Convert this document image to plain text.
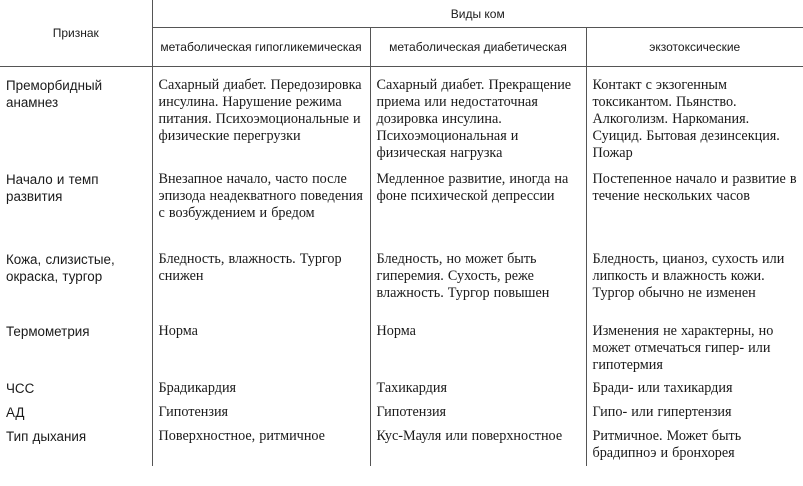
Признак	Виды ком		
	метаболическая гипогликемическая	метаболическая диабетическая	экзотоксические
Преморбидный анамнез	Сахарный диабет. Передозировка инсулина. Нарушение режима питания. Психоэмоциональные и физические перегрузки	Сахарный диабет. Прекращение приема или недостаточная дозировка инсулина. Психоэмоциональная и физическая нагрузка	Контакт с экзогенным токсикантом. Пьянство. Алкоголизм. Наркомания. Суицид. Бытовая дезинсекция. Пожар
Начало и темп развития	Внезапное начало, часто после эпизода неадекватного поведения с возбуждением и бредом	Медленное развитие, иногда на фоне психической депрессии	Постепенное начало и развитие в течение нескольких часов
Кожа, слизистые, окраска, тургор	Бледность, влажность. Тургор снижен	Бледность, но может быть гиперемия. Сухость, реже влажность. Тургор повышен	Бледность, цианоз, сухость или липкость и влажность кожи. Тургор обычно не изменен
Термометрия	Норма	Норма	Изменения не характерны, но может отмечаться гипер- или гипотермия
ЧСС	Брадикардия	Тахикардия	Бради- или тахикардия
АД	Гипотензия	Гипотензия	Гипо- или гипертензия
Тип дыхания	Поверхностное, ритмичное	Кус-Мауля или поверхностное	Ритмичное. Может быть брадипноэ и бронхорея
